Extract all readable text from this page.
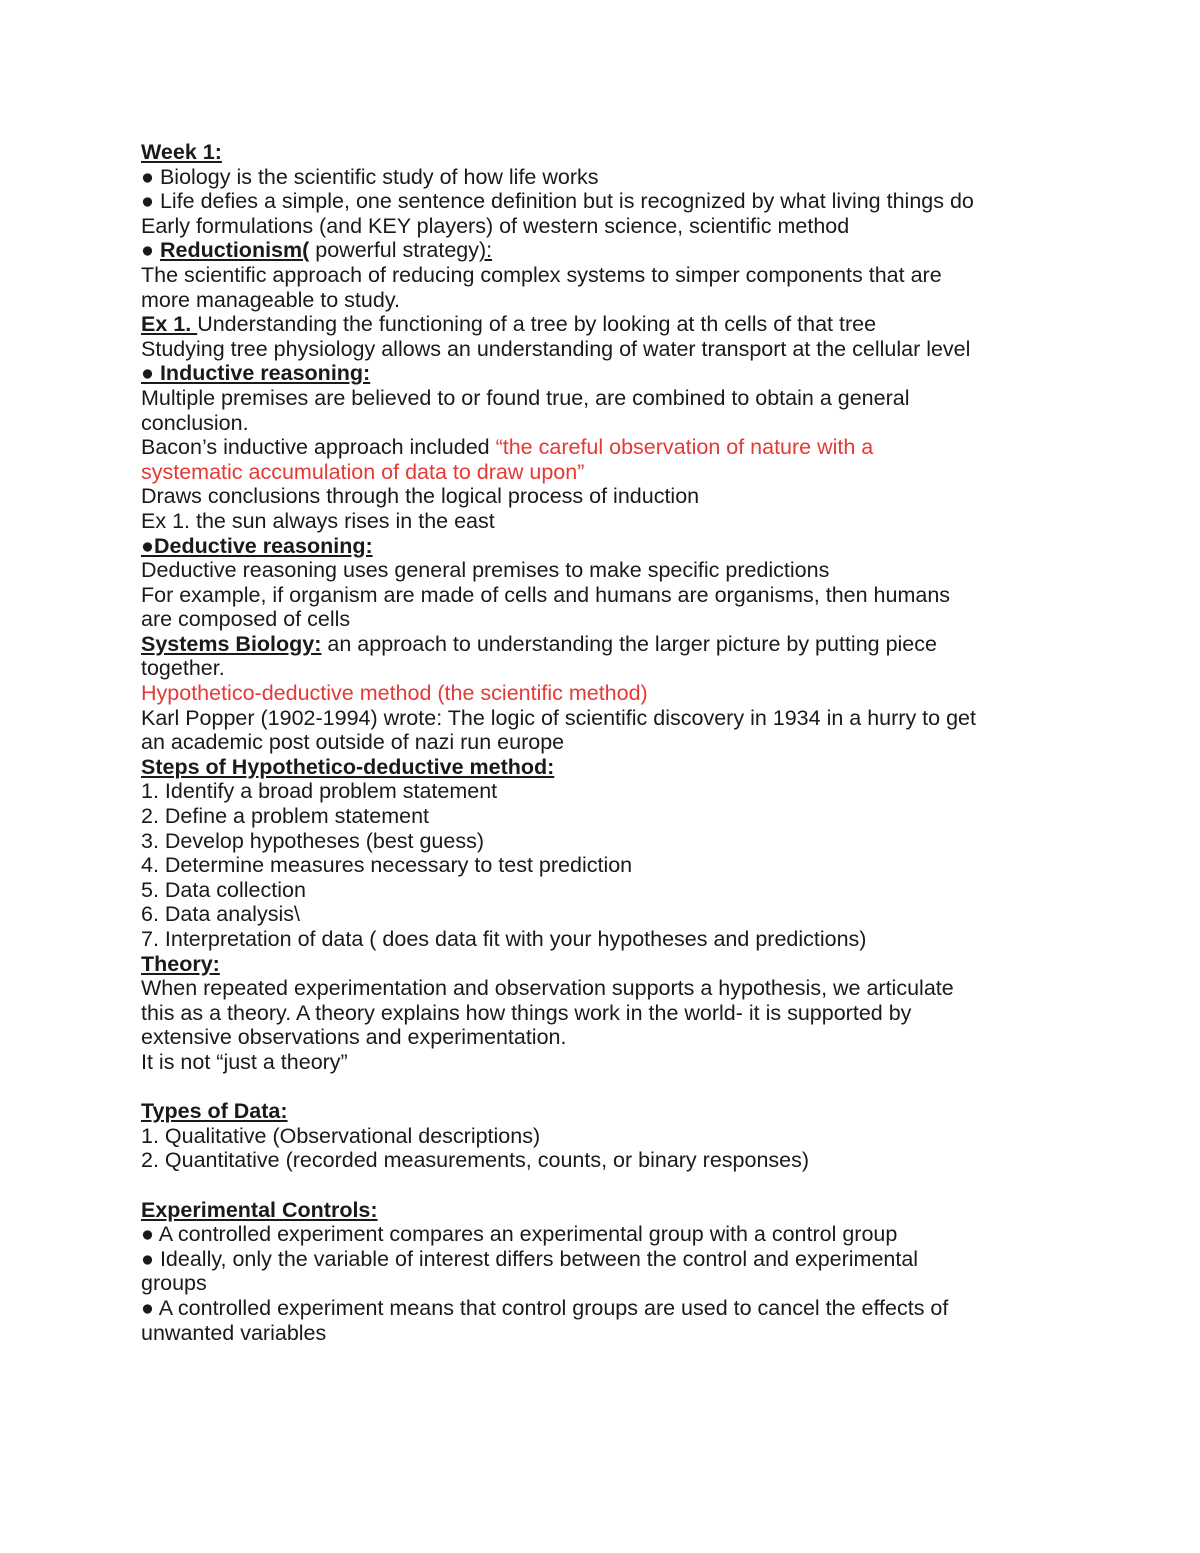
Week 1:
● Biology is the scientific study of how life works
● Life defies a simple, one sentence definition but is recognized by what living things do
Early formulations (and KEY players) of western science, scientific method
● Reductionism( powerful strategy):
The scientific approach of reducing complex systems to simper components that are
more manageable to study.
Ex 1. Understanding the functioning of a tree by looking at th cells of that tree
Studying tree physiology allows an understanding of water transport at the cellular level
● Inductive reasoning:
Multiple premises are believed to or found true, are combined to obtain a general
conclusion.
Bacon’s inductive approach included “the careful observation of nature with a
systematic accumulation of data to draw upon”
Draws conclusions through the logical process of induction
Ex 1. the sun always rises in the east
●Deductive reasoning:
Deductive reasoning uses general premises to make specific predictions
For example, if organism are made of cells and humans are organisms, then humans
are composed of cells
Systems Biology: an approach to understanding the larger picture by putting piece
together.
Hypothetico-deductive method (the scientific method)
Karl Popper (1902-1994) wrote: The logic of scientific discovery in 1934 in a hurry to get
an academic post outside of nazi run europe
Steps of Hypothetico-deductive method:
1. Identify a broad problem statement
2. Define a problem statement
3. Develop hypotheses (best guess)
4. Determine measures necessary to test prediction
5. Data collection
6. Data analysis\
7. Interpretation of data ( does data fit with your hypotheses and predictions)
Theory:
When repeated experimentation and observation supports a hypothesis, we articulate
this as a theory. A theory explains how things work in the world- it is supported by
extensive observations and experimentation.
It is not “just a theory”
Types of Data:
1. Qualitative (Observational descriptions)
2. Quantitative (recorded measurements, counts, or binary responses)
Experimental Controls:
● A controlled experiment compares an experimental group with a control group
● Ideally, only the variable of interest differs between the control and experimental
groups
● A controlled experiment means that control groups are used to cancel the effects of
unwanted variables
